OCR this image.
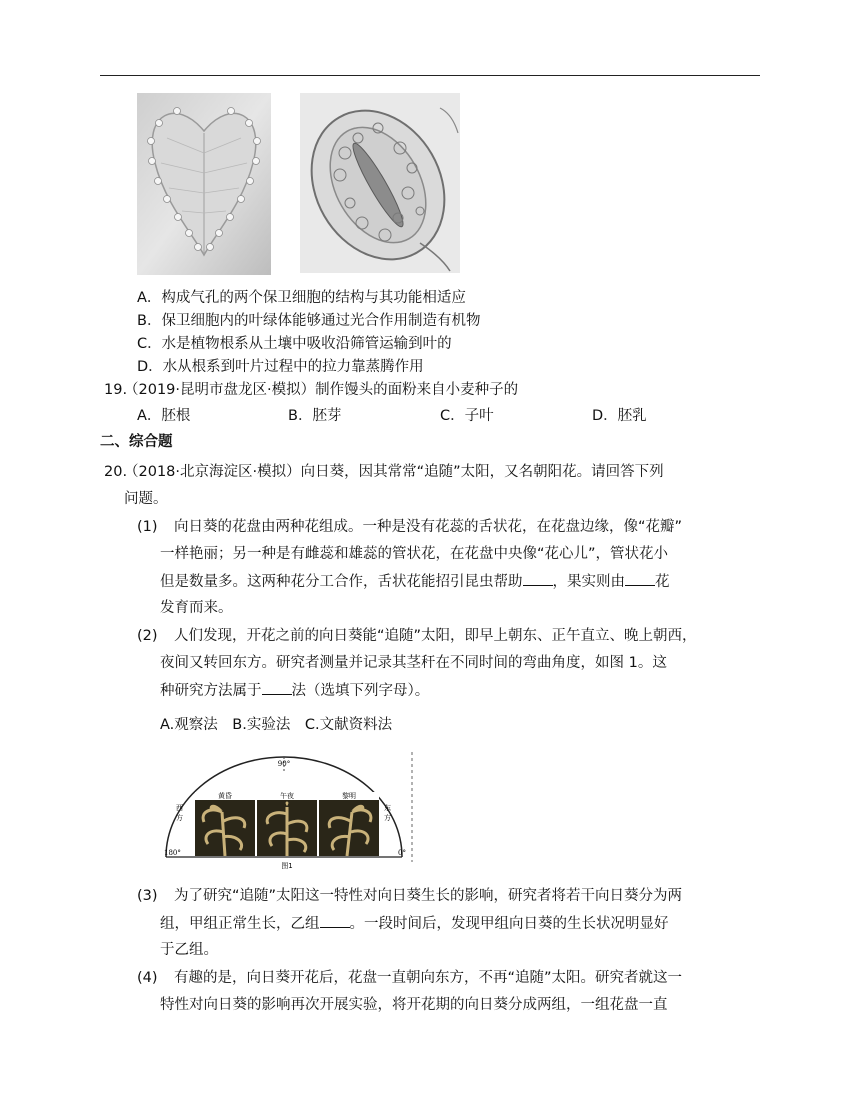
A．构成气孔的两个保卫细胞的结构与其功能相适应
B．保卫细胞内的叶绿体能够通过光合作用制造有机物
C．水是植物根系从土壤中吸收沿筛管运输到叶的
D．水从根系到叶片过程中的拉力靠蒸腾作用
19.
（2019·昆明市盘龙区·模拟）制作馒头的面粉来自小麦种子的
A．胚根	B．胚芽	C．子叶	D．胚乳
二、综合题
20.
（2018·北京海淀区·模拟）向日葵，因其常常“追随”太阳，又名朝阳花。请回答下列
问题。
(1) 向日葵的花盘由两种花组成。一种是没有花蕊的舌状花，在花盘边缘，像“花瓣”
一样艳丽；另一种是有雌蕊和雄蕊的管状花，在花盘中央像“花心儿”，管状花小
但是数量多。这两种花分工合作，舌状花能招引昆虫帮助 ，果实则由 花
发育而来。
(2) 人们发现，开花之前的向日葵能“追随”太阳，即早上朝东、正午直立、晚上朝西，
夜间又转回东方。研究者测量并记录其茎秆在不同时间的弯曲角度，如图 1。这
种研究方法属于 法（选填下列字母）。
A.观察法　B.实验法　C.文献资料法
90°
180°	0°
西
方
东
方
黄昏	午夜	黎明
图1
(3) 为了研究“追随”太阳这一特性对向日葵生长的影响，研究者将若干向日葵分为两
组，甲组正常生长，乙组 。一段时间后，发现甲组向日葵的生长状况明显好
于乙组。
(4) 有趣的是，向日葵开花后，花盘一直朝向东方，不再“追随”太阳。研究者就这一
特性对向日葵的影响再次开展实验，将开花期的向日葵分成两组，一组花盘一直
